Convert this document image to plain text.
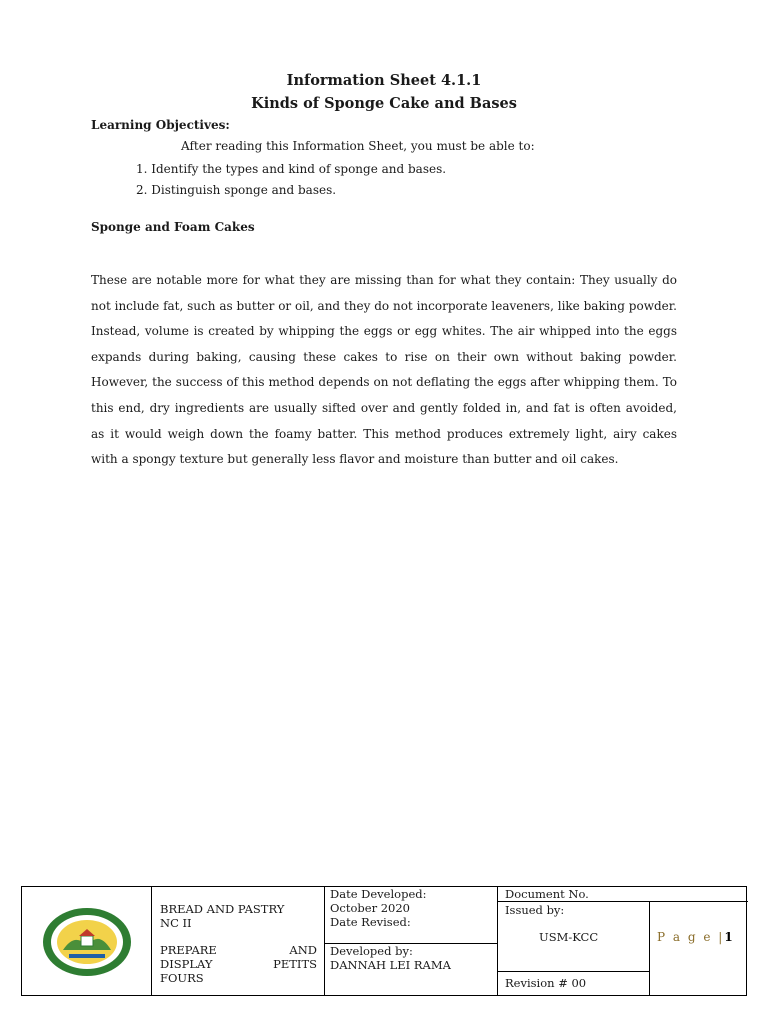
Information Sheet 4.1.1
Kinds of Sponge Cake and Bases
Learning Objectives:
After reading this Information Sheet, you must be able to:
1. Identify the types and kind of sponge and bases.
2. Distinguish sponge and bases.
Sponge and Foam Cakes
These are notable more for what they are missing than for what they contain: They usually do not include fat, such as butter or oil, and they do not incorporate leaveners, like baking powder. Instead, volume is created by whipping the eggs or egg whites. The air whipped into the eggs expands during baking, causing these cakes to rise on their own without baking powder. However, the success of this method depends on not deflating the eggs after whipping them. To this end, dry ingredients are usually sifted over and gently folded in, and fat is often avoided, as it would weigh down the foamy batter. This method produces extremely light, airy cakes with a spongy texture but generally less flavor and moisture than butter and oil cakes.
BREAD AND PASTRY
NC II
PREPARE	AND
DISPLAY	PETITS
FOURS
Date Developed:
October 2020
Date Revised:
Developed by:
DANNAH LEI RAMA
Document No.
Issued by:
USM-KCC
Revision # 00
P a g e |1
